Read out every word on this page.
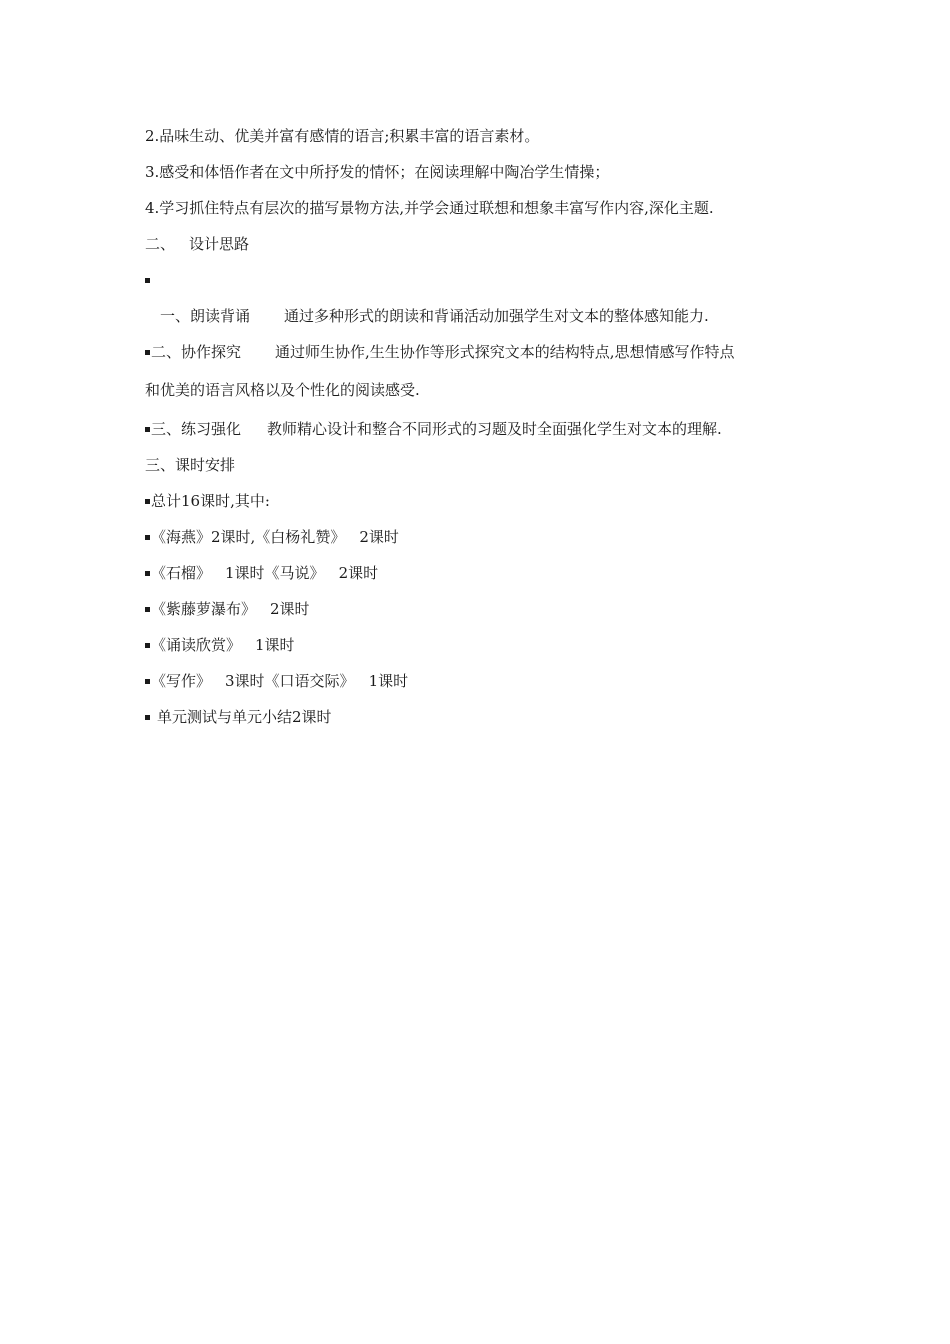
2.品味生动、优美并富有感情的语言;积累丰富的语言素材。
3.感受和体悟作者在文中所抒发的情怀；在阅读理解中陶冶学生情操；
4.学习抓住特点有层次的描写景物方法,并学会通过联想和想象丰富写作内容,深化主题.
二、 设计思路
一、朗读背诵 通过多种形式的朗读和背诵活动加强学生对文本的整体感知能力.
二、协作探究 通过师生协作,生生协作等形式探究文本的结构特点,思想情感写作特点
和优美的语言风格以及个性化的阅读感受.
三、练习强化 教师精心设计和整合不同形式的习题及时全面强化学生对文本的理解.
三、课时安排
总计16课时,其中:
《海燕》2课时,《白杨礼赞》 2课时
《石榴》 1课时《马说》 2课时
《紫藤萝瀑布》 2课时
《诵读欣赏》 1课时
《写作》 3课时《口语交际》 1课时
单元测试与单元小结2课时
